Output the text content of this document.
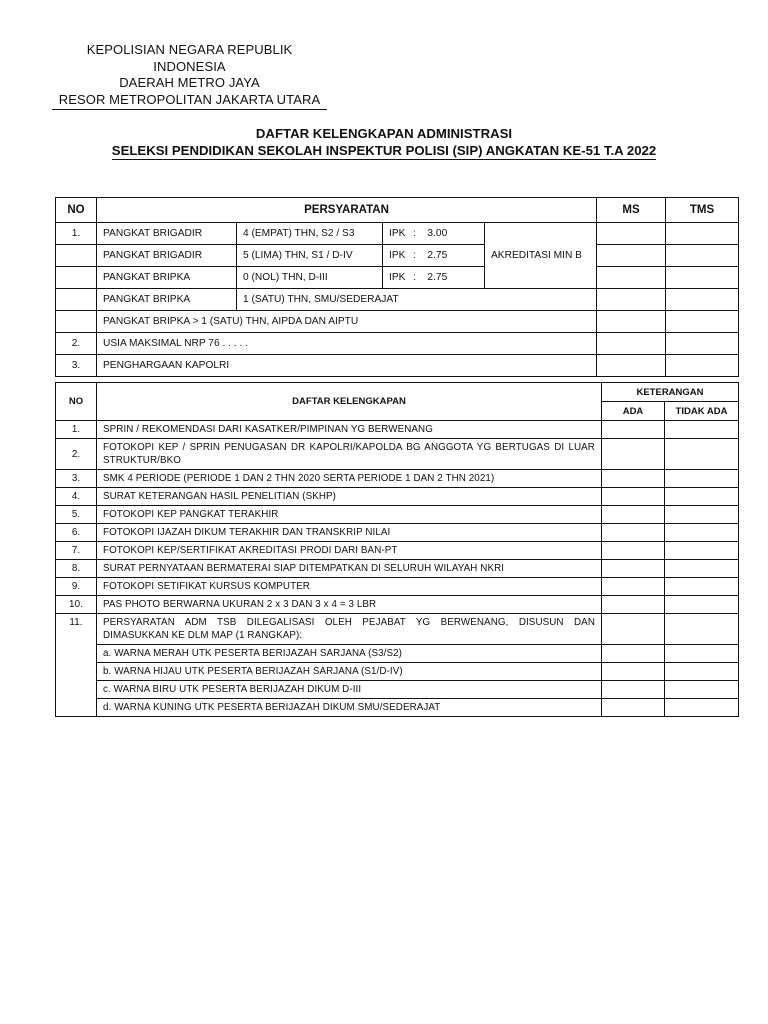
KEPOLISIAN NEGARA REPUBLIK INDONESIA
DAERAH METRO JAYA
RESOR METROPOLITAN JAKARTA UTARA
DAFTAR KELENGKAPAN ADMINISTRASI
SELEKSI PENDIDIKAN SEKOLAH INSPEKTUR POLISI (SIP) ANGKATAN KE-51 T.A 2022
NO	PERSYARATAN				MS	TMS
1.	PANGKAT BRIGADIR	4 (EMPAT) THN, S2 / S3	IPK : 3.00	AKREDITASI MIN B		
	PANGKAT BRIGADIR	5 (LIMA) THN, S1 / D-IV	IPK : 2.75			
	PANGKAT BRIPKA	0 (NOL) THN, D-III	IPK : 2.75			
	PANGKAT BRIPKA	1 (SATU) THN, SMU/SEDERAJAT				
	PANGKAT BRIPKA > 1 (SATU) THN, AIPDA DAN AIPTU					
2.	USIA MAKSIMAL NRP 76 . . . . .					
3.	PENGHARGAAN KAPOLRI					
NO	DAFTAR KELENGKAPAN	KETERANGAN	
		ADA	TIDAK ADA
1.	SPRIN / REKOMENDASI DARI KASATKER/PIMPINAN YG BERWENANG		
2.	FOTOKOPI KEP / SPRIN PENUGASAN DR KAPOLRI/KAPOLDA BG ANGGOTA YG BERTUGAS DI LUAR STRUKTUR/BKO		
3.	SMK 4 PERIODE (PERIODE 1 DAN 2 THN 2020 SERTA PERIODE 1 DAN 2 THN 2021)		
4.	SURAT KETERANGAN HASIL PENELITIAN (SKHP)		
5.	FOTOKOPI KEP PANGKAT TERAKHIR		
6.	FOTOKOPI IJAZAH DIKUM TERAKHIR DAN TRANSKRIP NILAI		
7.	FOTOKOPI KEP/SERTIFIKAT AKREDITASI PRODI DARI BAN-PT		
8.	SURAT PERNYATAAN BERMATERAI SIAP DITEMPATKAN DI SELURUH WILAYAH NKRI		
9.	FOTOKOPI SETIFIKAT KURSUS KOMPUTER		
10.	PAS PHOTO BERWARNA UKURAN 2 x 3 DAN 3 x 4 = 3 LBR		
11.	PERSYARATAN ADM TSB DILEGALISASI OLEH PEJABAT YG BERWENANG, DISUSUN DAN DIMASUKKAN KE DLM MAP (1 RANGKAP):		
	a. WARNA MERAH UTK PESERTA BERIJAZAH SARJANA (S3/S2)		
	b. WARNA HIJAU UTK PESERTA BERIJAZAH SARJANA (S1/D-IV)		
	c. WARNA BIRU UTK PESERTA BERIJAZAH DIKUM D-III		
	d. WARNA KUNING UTK PESERTA BERIJAZAH DIKUM SMU/SEDERAJAT		
